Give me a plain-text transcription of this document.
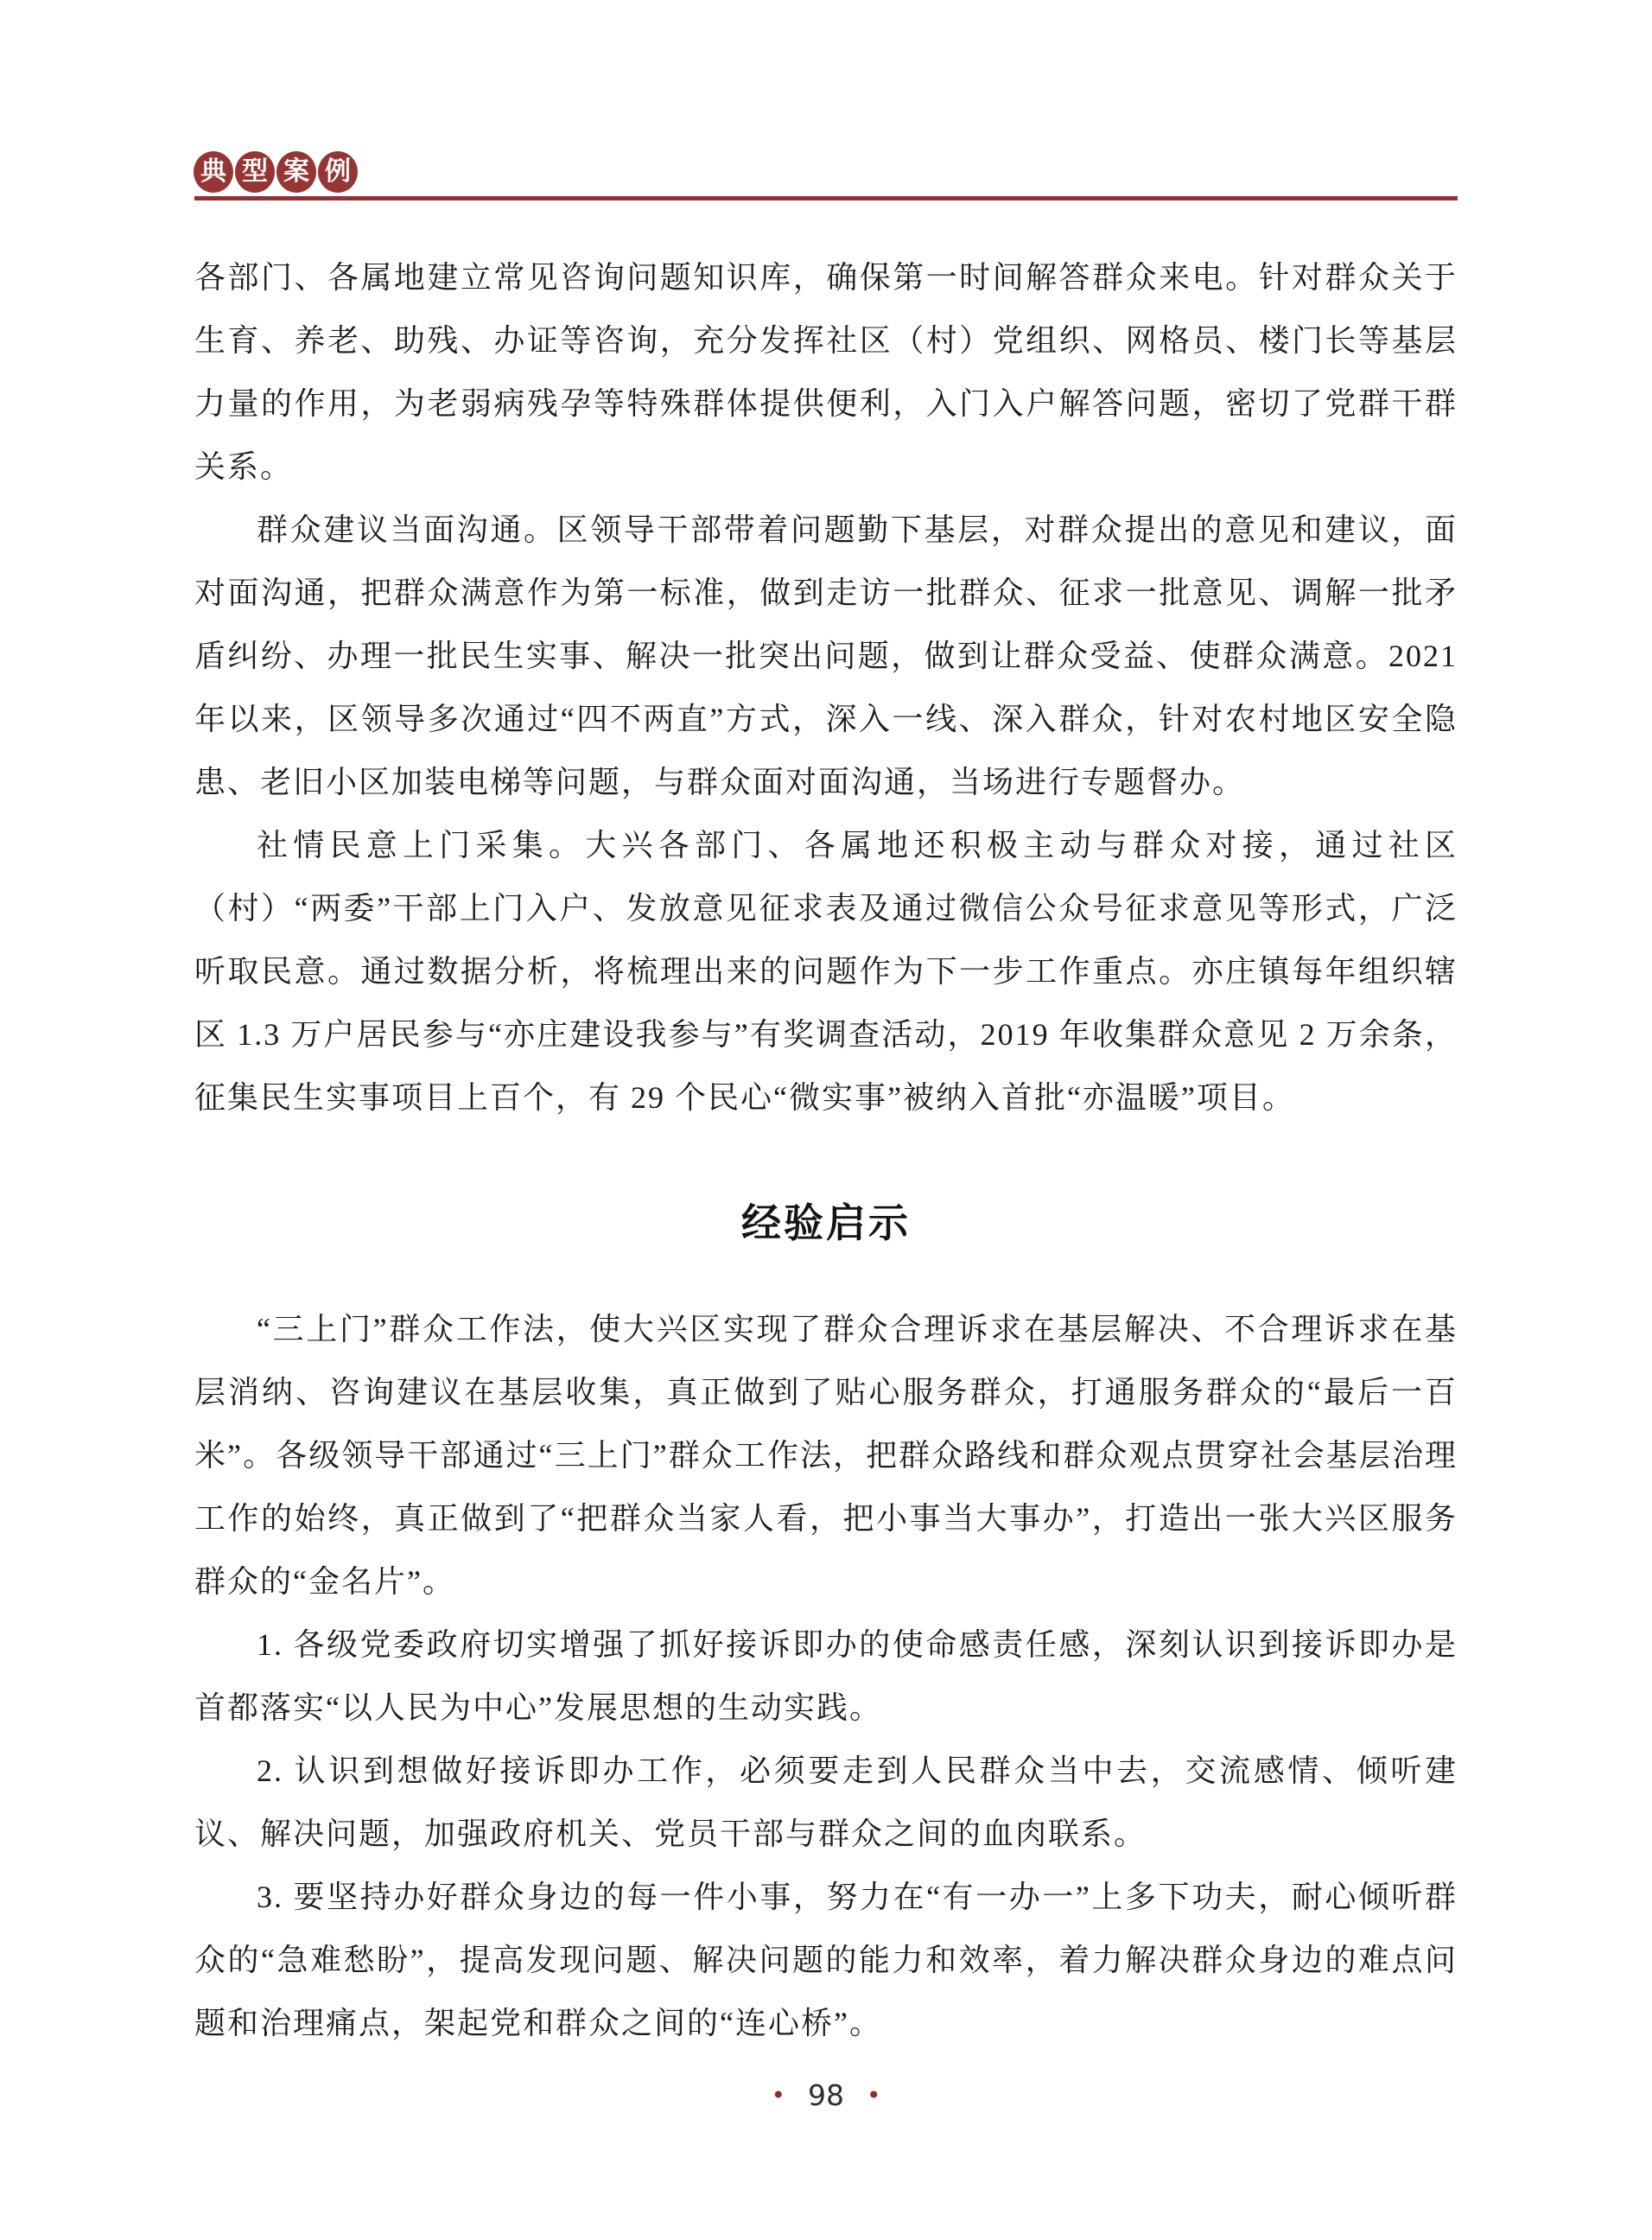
典 型 案 例

各部门、各属地建立常见咨询问题知识库，确保第一时间解答群众来电。针对群众关于生育、养老、助残、办证等咨询，充分发挥社区（村）党组织、网格员、楼门长等基层力量的作用，为老弱病残孕等特殊群体提供便利，入门入户解答问题，密切了党群干群关系。

群众建议当面沟通。区领导干部带着问题勤下基层，对群众提出的意见和建议，面对面沟通，把群众满意作为第一标准，做到走访一批群众、征求一批意见、调解一批矛盾纠纷、办理一批民生实事、解决一批突出问题，做到让群众受益、使群众满意。2021 年以来，区领导多次通过“四不两直”方式，深入一线、深入群众，针对农村地区安全隐患、老旧小区加装电梯等问题，与群众面对面沟通，当场进行专题督办。

社情民意上门采集。大兴各部门、各属地还积极主动与群众对接，通过社区（村）“两委”干部上门入户、发放意见征求表及通过微信公众号征求意见等形式，广泛听取民意。通过数据分析，将梳理出来的问题作为下一步工作重点。亦庄镇每年组织辖区 1.3 万户居民参与“亦庄建设我参与”有奖调查活动，2019 年收集群众意见 2 万余条，征集民生实事项目上百个，有 29 个民心“微实事”被纳入首批“亦温暖”项目。

经验启示

“三上门”群众工作法，使大兴区实现了群众合理诉求在基层解决、不合理诉求在基层消纳、咨询建议在基层收集，真正做到了贴心服务群众，打通服务群众的“最后一百米”。各级领导干部通过“三上门”群众工作法，把群众路线和群众观点贯穿社会基层治理工作的始终，真正做到了“把群众当家人看，把小事当大事办”，打造出一张大兴区服务群众的“金名片”。

1. 各级党委政府切实增强了抓好接诉即办的使命感责任感，深刻认识到接诉即办是首都落实“以人民为中心”发展思想的生动实践。

2. 认识到想做好接诉即办工作，必须要走到人民群众当中去，交流感情、倾听建议、解决问题，加强政府机关、党员干部与群众之间的血肉联系。

3. 要坚持办好群众身边的每一件小事，努力在“有一办一”上多下功夫，耐心倾听群众的“急难愁盼”，提高发现问题、解决问题的能力和效率，着力解决群众身边的难点问题和治理痛点，架起党和群众之间的“连心桥”。

• 98 •
